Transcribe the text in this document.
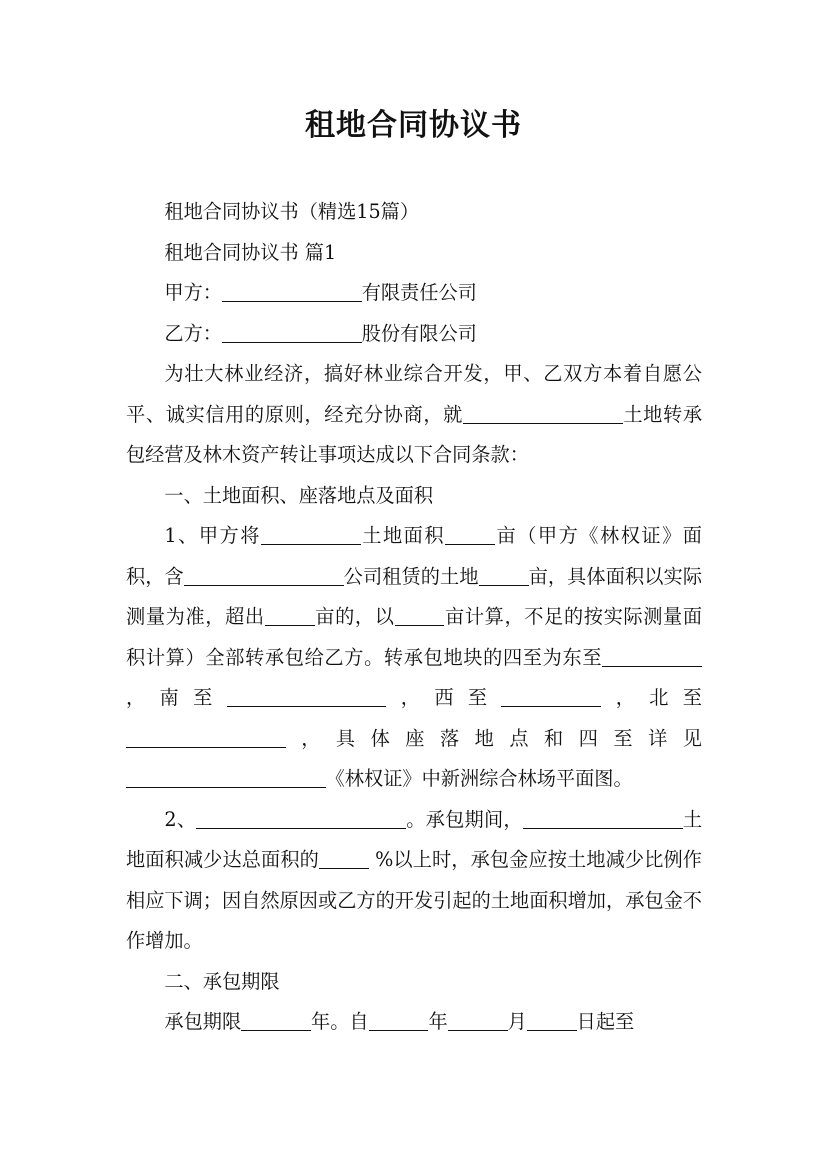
租地合同协议书

租地合同协议书（精选15篇）

租地合同协议书 篇1

甲方：	有限责任公司

乙方：	股份有限公司

为壮大林业经济，搞好林业综合开发，甲、乙双方本着自愿公平、诚实信用的原则，经充分协商，就	土地转承包经营及林木资产转让事项达成以下合同条款：

一、土地面积、座落地点及面积

1、甲方将	土地面积	亩（甲方《林权证》面积，含	公司租赁的土地	亩，具体面积以实际测量为准，超出	亩的，以	亩计算，不足的按实际测量面积计算）全部转承包给乙方。转承包地块的四至为东至，南至	，西至	，北至，具体座落地点和四至详见《林权证》中新洲综合林场平面图。

2、	。承包期间，	土地面积减少达总面积的	%以上时，承包金应按土地减少比例作相应下调；因自然原因或乙方的开发引起的土地面积增加，承包金不作增加。

二、承包期限

承包期限	年。自	年	月	日起至
